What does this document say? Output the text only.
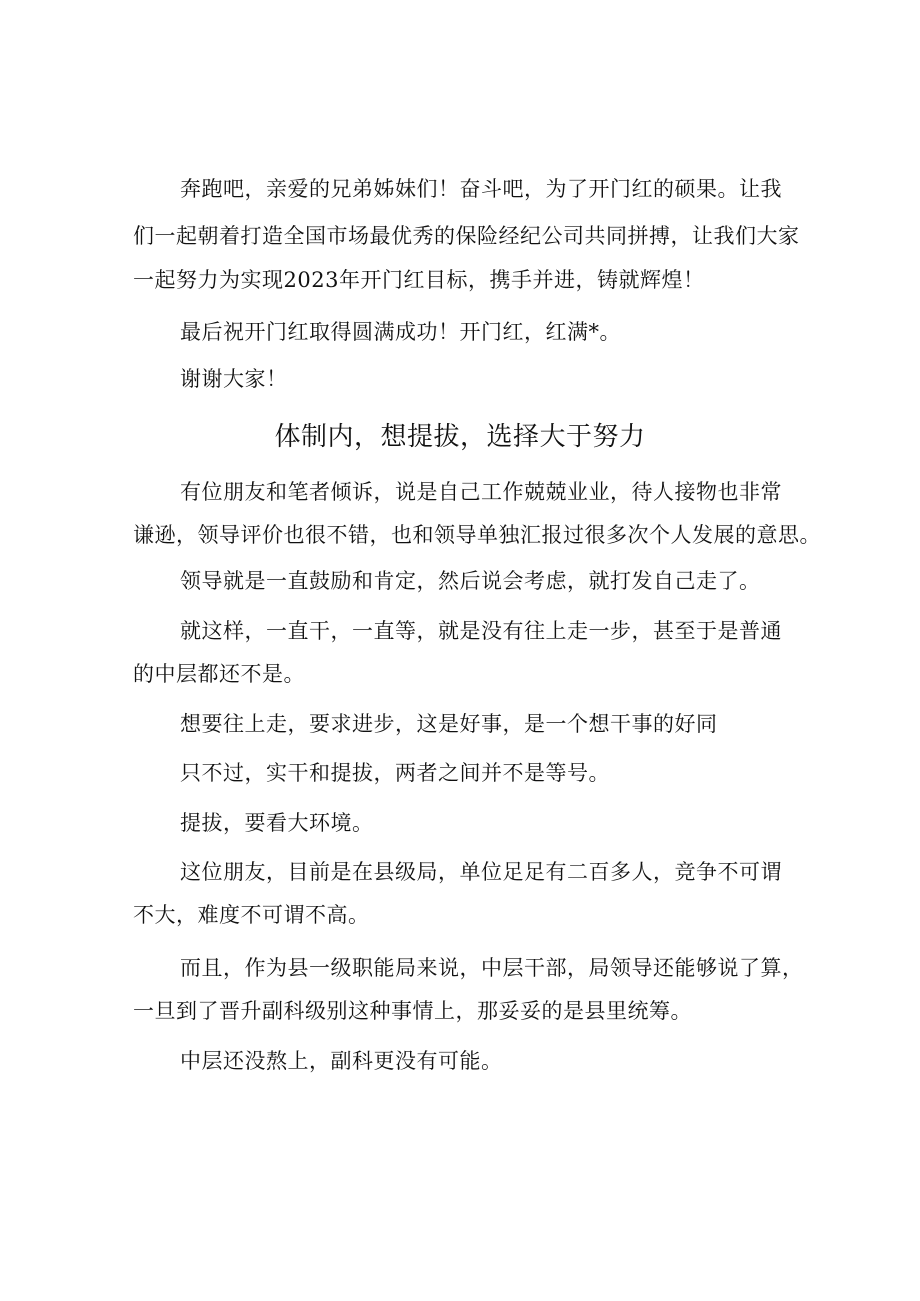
奔跑吧，亲爱的兄弟姊妹们！奋斗吧，为了开门红的硕果。让我
们一起朝着打造全国市场最优秀的保险经纪公司共同拼搏，让我们大家
一起努力为实现2023年开门红目标，携手并进，铸就辉煌！
最后祝开门红取得圆满成功！开门红，红满*。
谢谢大家！
体制内，想提拔，选择大于努力
有位朋友和笔者倾诉，说是自己工作兢兢业业，待人接物也非常
谦逊，领导评价也很不错，也和领导单独汇报过很多次个人发展的意思。
领导就是一直鼓励和肯定，然后说会考虑，就打发自己走了。
就这样，一直干，一直等，就是没有往上走一步，甚至于是普通
的中层都还不是。
想要往上走，要求进步，这是好事，是一个想干事的好同
只不过，实干和提拔，两者之间并不是等号。
提拔，要看大环境。
这位朋友，目前是在县级局，单位足足有二百多人，竞争不可谓
不大，难度不可谓不高。
而且，作为县一级职能局来说，中层干部，局领导还能够说了算，
一旦到了晋升副科级别这种事情上，那妥妥的是县里统筹。
中层还没熬上，副科更没有可能。
